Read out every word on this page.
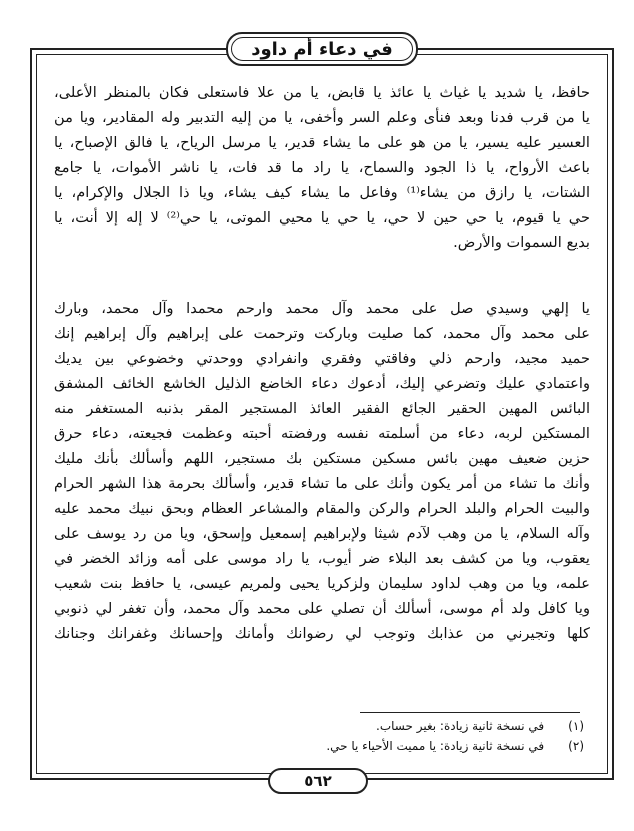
في دعاء أم داود
حافظ، يا شديد يا غياث يا عائذ يا قابض، يا من علا فاستعلى فكان بالمنظر الأعلى،
يا من قرب فدنا وبعد فنأى وعلم السر وأخفى، يا من إليه التدبير وله المقادير، ويا من
العسير عليه يسير، يا من هو على ما يشاء قدير، يا مرسل الرياح، يا فالق الإصباح، يا
باعث الأرواح، يا ذا الجود والسماح، يا راد ما قد فات، يا ناشر الأموات، يا جامع
الشتات، يا رازق من يشاء⁽¹⁾ وفاعل ما يشاء كيف يشاء، ويا ذا الجلال والإكرام، يا
حي يا قيوم، يا حي حين لا حي، يا حي يا محيي الموتى، يا حي⁽²⁾ لا إله إلا أنت، يا
بديع السموات والأرض.
يا إلهي وسيدي صل على محمد وآل محمد وارحم محمدا وآل محمد، وبارك
على محمد وآل محمد، كما صليت وباركت وترحمت على إبراهيم وآل إبراهيم إنك
حميد مجيد، وارحم ذلي وفاقتي وفقري وانفرادي ووحدتي وخضوعي بين يديك
واعتمادي عليك وتضرعي إليك، أدعوك دعاء الخاضع الذليل الخاشع الخائف المشفق
البائس المهين الحقير الجائع الفقير العائذ المستجير المقر بذنبه المستغفر منه
المستكين لربه، دعاء من أسلمته نفسه ورفضته أحبته وعظمت فجيعته، دعاء حرق
حزين ضعيف مهين بائس مسكين مستكين بك مستجير، اللهم وأسألك بأنك مليك
وأنك ما تشاء من أمر يكون وأنك على ما تشاء قدير، وأسألك بحرمة هذا الشهر الحرام
والبيت الحرام والبلد الحرام والركن والمقام والمشاعر العظام وبحق نبيك محمد عليه
وآله السلام، يا من وهب لآدم شيثا ولإبراهيم إسمعيل وإسحق، ويا من رد يوسف على
يعقوب، ويا من كشف بعد البلاء ضر أيوب، يا راد موسى على أمه وزائد الخضر في
علمه، ويا من وهب لداود سليمان ولزكريا يحيى ولمريم عيسى، يا حافظ بنت شعيب
ويا كافل ولد أم موسى، أسألك أن تصلي على محمد وآل محمد، وأن تغفر لي ذنوبي
كلها وتجيرني من عذابك وتوجب لي رضوانك وأمانك وإحسانك وغفرانك وجنانك
(١) في نسخة ثانية زيادة: بغير حساب.
(٢) في نسخة ثانية زيادة: يا مميت الأحياء يا حي.
٥٦٢
